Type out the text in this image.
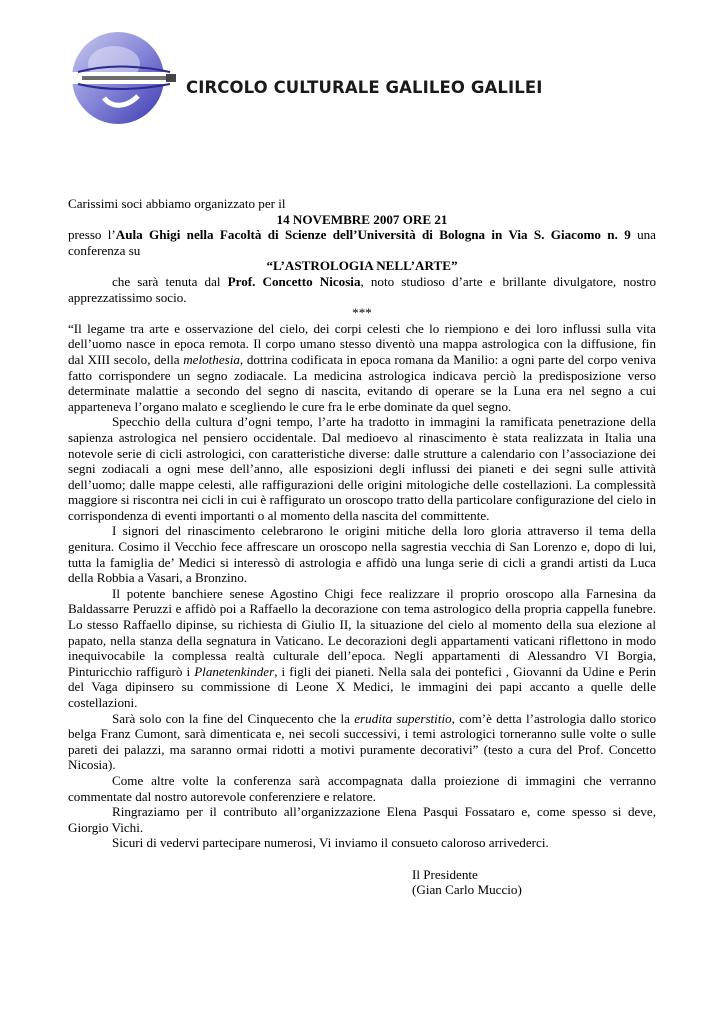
CIRCOLO CULTURALE GALILEO GALILEI

Carissimi soci abbiamo organizzato per il

14 NOVEMBRE 2007 ORE 21

presso l’Aula Ghigi nella Facoltà di Scienze dell’Università di Bologna in Via S. Giacomo n. 9 una conferenza su

“L’ASTROLOGIA NELL’ARTE”

che sarà tenuta dal Prof. Concetto Nicosia, noto studioso d’arte e brillante divulgatore, nostro apprezzatissimo socio.

***

“Il legame tra arte e osservazione del cielo, dei corpi celesti che lo riempiono e dei loro influssi sulla vita dell’uomo nasce in epoca remota. Il corpo umano stesso diventò una mappa astrologica con la diffusione, fin dal XIII secolo, della melothesia, dottrina codificata in epoca romana da Manilio: a ogni parte del corpo veniva fatto corrispondere un segno zodiacale. La medicina astrologica indicava perciò la predisposizione verso determinate malattie a secondo del segno di nascita, evitando di operare se la Luna era nel segno a cui apparteneva l’organo malato e scegliendo le cure fra le erbe dominate da quel segno.

Specchio della cultura d’ogni tempo, l’arte ha tradotto in immagini la ramificata penetrazione della sapienza astrologica nel pensiero occidentale. Dal medioevo al rinascimento è stata realizzata in Italia una notevole serie di cicli astrologici, con caratteristiche diverse: dalle strutture a calendario con l’associazione dei segni zodiacali a ogni mese dell’anno, alle esposizioni degli influssi dei pianeti e dei segni sulle attività dell’uomo; dalle mappe celesti, alle raffigurazioni delle origini mitologiche delle costellazioni. La complessità maggiore si riscontra nei cicli in cui è raffigurato un oroscopo tratto della particolare configurazione del cielo in corrispondenza di eventi importanti o al momento della nascita del committente.

I signori del rinascimento celebrarono le origini mitiche della loro gloria attraverso il tema della genitura. Cosimo il Vecchio fece affrescare un oroscopo nella sagrestia vecchia di San Lorenzo e, dopo di lui, tutta la famiglia de’ Medici si interessò di astrologia e affidò una lunga serie di cicli a grandi artisti da Luca della Robbia a Vasari, a Bronzino.

Il potente banchiere senese Agostino Chigi fece realizzare il proprio oroscopo alla Farnesina da Baldassarre Peruzzi e affidò poi a Raffaello la decorazione con tema astrologico della propria cappella funebre. Lo stesso Raffaello dipinse, su richiesta di Giulio II, la situazione del cielo al momento della sua elezione al papato, nella stanza della segnatura in Vaticano. Le decorazioni degli appartamenti vaticani riflettono in modo inequivocabile la complessa realtà culturale dell’epoca. Negli appartamenti di Alessandro VI Borgia, Pinturicchio raffigurò i Planetenkinder, i figli dei pianeti. Nella sala dei pontefici , Giovanni da Udine e Perin del Vaga dipinsero su commissione di Leone X Medici, le immagini dei papi accanto a quelle delle costellazioni.

Sarà solo con la fine del Cinquecento che la erudita superstitio, com’è detta l’astrologia dallo storico belga Franz Cumont, sarà dimenticata e, nei secoli successivi, i temi astrologici torneranno sulle volte o sulle pareti dei palazzi, ma saranno ormai ridotti a motivi puramente decorativi” (testo a cura del Prof. Concetto Nicosia).

Come altre volte la conferenza sarà accompagnata dalla proiezione di immagini che verranno commentate dal nostro autorevole conferenziere e relatore.

Ringraziamo per il contributo all’organizzazione Elena Pasqui Fossataro e, come spesso si deve, Giorgio Vichi.

Sicuri di vedervi partecipare numerosi, Vi inviamo il consueto caloroso arrivederci.

Il Presidente

(Gian Carlo Muccio)
